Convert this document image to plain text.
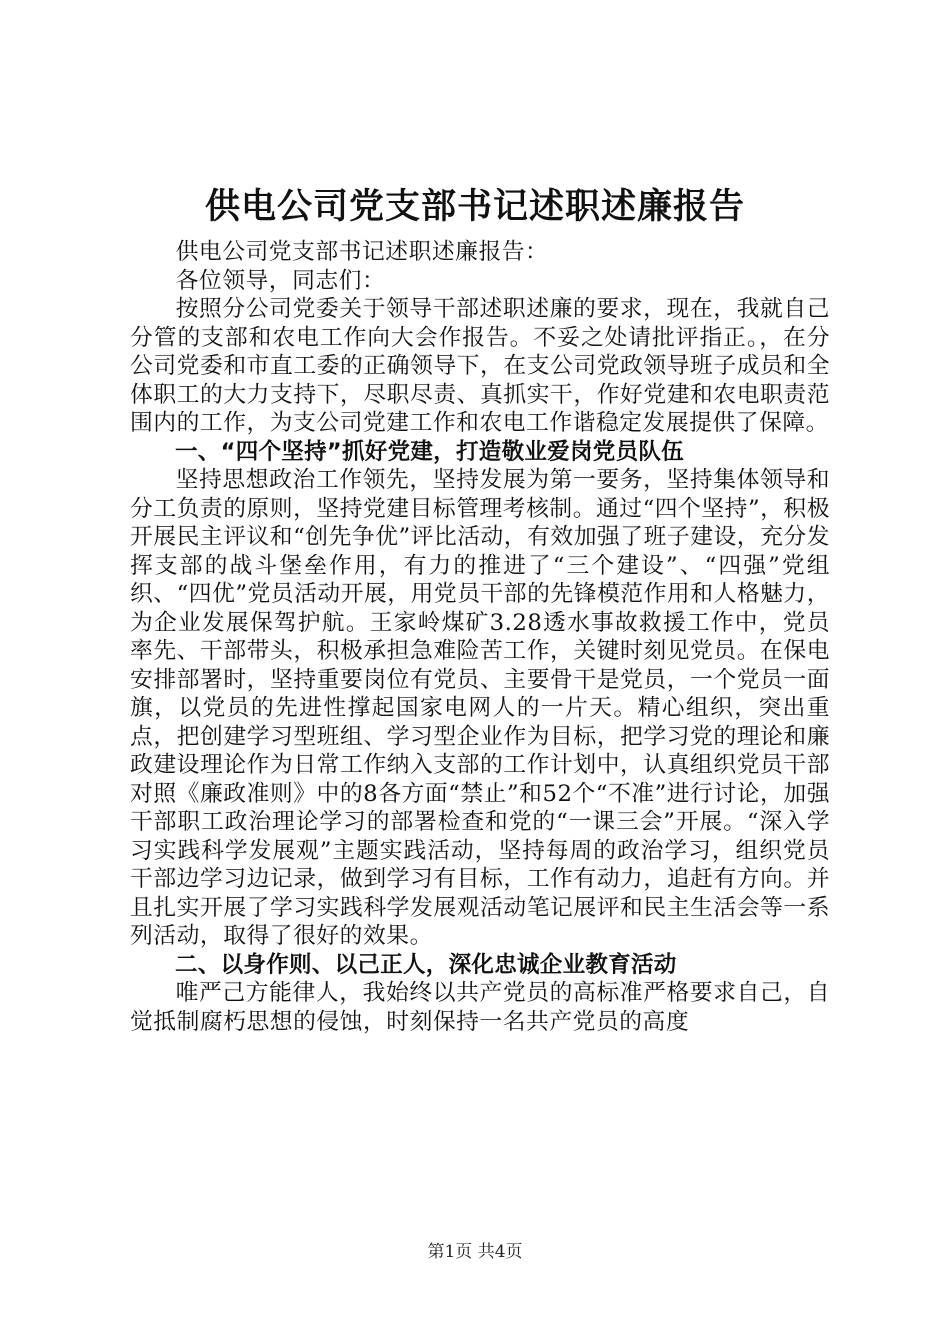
供电公司党支部书记述职述廉报告

供电公司党支部书记述职述廉报告：

各位领导，同志们：

按照分公司党委关于领导干部述职述廉的要求，现在，我就自己分管的支部和农电工作向大会作报告。不妥之处请批评指正。，在分公司党委和市直工委的正确领导下，在支公司党政领导班子成员和全体职工的大力支持下，尽职尽责、真抓实干，作好党建和农电职责范围内的工作，为支公司党建工作和农电工作谐稳定发展提供了保障。

一、“四个坚持”抓好党建，打造敬业爱岗党员队伍

坚持思想政治工作领先，坚持发展为第一要务，坚持集体领导和分工负责的原则，坚持党建目标管理考核制。通过“四个坚持”，积极开展民主评议和“创先争优”评比活动，有效加强了班子建设，充分发挥支部的战斗堡垒作用，有力的推进了“三个建设”、“四强”党组织、“四优”党员活动开展，用党员干部的先锋模范作用和人格魅力，为企业发展保驾护航。王家岭煤矿3.28透水事故救援工作中，党员率先、干部带头，积极承担急难险苦工作，关键时刻见党员。在保电安排部署时，坚持重要岗位有党员、主要骨干是党员，一个党员一面旗，以党员的先进性撑起国家电网人的一片天。精心组织，突出重点，把创建学习型班组、学习型企业作为目标，把学习党的理论和廉政建设理论作为日常工作纳入支部的工作计划中，认真组织党员干部对照《廉政准则》中的8各方面“禁止”和52个“不准”进行讨论，加强干部职工政治理论学习的部署检查和党的“一课三会”开展。“深入学习实践科学发展观”主题实践活动，坚持每周的政治学习，组织党员干部边学习边记录，做到学习有目标，工作有动力，追赶有方向。并且扎实开展了学习实践科学发展观活动笔记展评和民主生活会等一系列活动，取得了很好的效果。

二、以身作则、以己正人，深化忠诚企业教育活动

唯严己方能律人，我始终以共产党员的高标准严格要求自己，自觉抵制腐朽思想的侵蚀，时刻保持一名共产党员的高度

第1页 共4页
